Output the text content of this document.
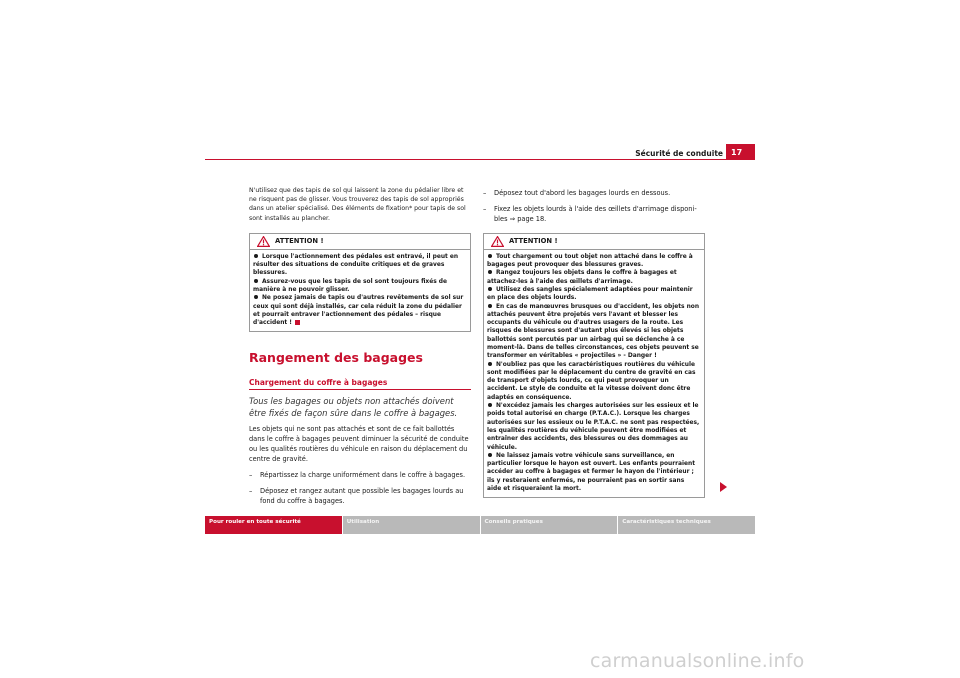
Sécurité de conduite	17

N'utilisez que des tapis de sol qui laissent la zone du pédalier libre et ne risquent pas de glisser. Vous trouverez des tapis de sol appropriés dans un atelier spécialisé. Des éléments de fixation* pour tapis de sol sont installés au plancher.

ATTENTION !

Lorsque l'actionnement des pédales est entravé, il peut en résulter des situations de conduite critiques et de graves blessures.

Assurez-vous que les tapis de sol sont toujours fixés de manière à ne pouvoir glisser.

Ne posez jamais de tapis ou d'autres revêtements de sol sur ceux qui sont déjà installés, car cela réduit la zone du pédalier et pourrait entraver l'actionnement des pédales – risque d'accident !

Rangement des bagages
Chargement du coffre à bagages

Tous les bagages ou objets non attachés doivent être fixés de façon sûre dans le coffre à bagages.

Les objets qui ne sont pas attachés et sont de ce fait ballottés dans le coffre à bagages peuvent diminuer la sécurité de conduite ou les qualités routières du véhicule en raison du déplacement du centre de gravité.

–	Répartissez la charge uniformément dans le coffre à bagages.
–	Déposez et rangez autant que possible les bagages lourds au fond du coffre à bagages.
–	Déposez tout d'abord les bagages lourds en dessous.
–	Fixez les objets lourds à l'aide des œillets d'arrimage disponibles ⇒ page 18.
ATTENTION !

Tout chargement ou tout objet non attaché dans le coffre à bagages peut provoquer des blessures graves.

Rangez toujours les objets dans le coffre à bagages et attachez-les à l'aide des œillets d'arrimage.

Utilisez des sangles spécialement adaptées pour maintenir en place des objets lourds.

En cas de manœuvres brusques ou d'accident, les objets non attachés peuvent être projetés vers l'avant et blesser les occupants du véhicule ou d'autres usagers de la route. Les risques de blessures sont d'autant plus élevés si les objets ballottés sont percutés par un airbag qui se déclenche à ce moment-là. Dans de telles circonstances, ces objets peuvent se transformer en véritables « projectiles » - Danger !

N'oubliez pas que les caractéristiques routières du véhicule sont modifiées par le déplacement du centre de gravité en cas de transport d'objets lourds, ce qui peut provoquer un accident. Le style de conduite et la vitesse doivent donc être adaptés en conséquence.

N'excédez jamais les charges autorisées sur les essieux et le poids total autorisé en charge (P.T.A.C.). Lorsque les charges autorisées sur les essieux ou le P.T.A.C. ne sont pas respectées, les qualités routières du véhicule peuvent être modifiées et entraîner des accidents, des blessures ou des dommages au véhicule.

Ne laissez jamais votre véhicule sans surveillance, en particulier lorsque le hayon est ouvert. Les enfants pourraient accéder au coffre à bagages et fermer le hayon de l'intérieur ; ils y resteraient enfermés, ne pourraient pas en sortir sans aide et risqueraient la mort.

Pour rouler en toute sécurité	Utilisation	Conseils pratiques	Caractéristiques techniques
carmanualsonline.info
